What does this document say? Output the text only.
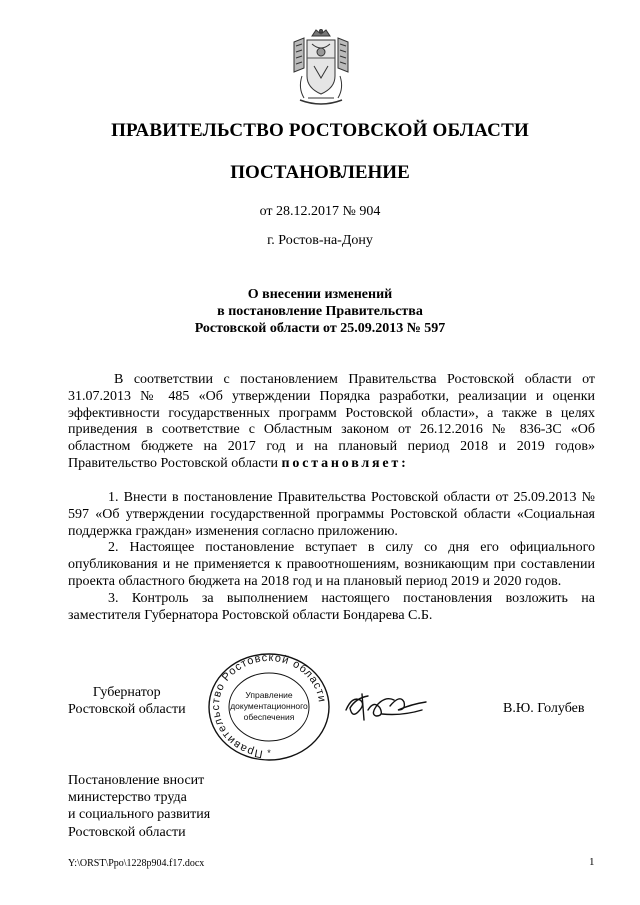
ПРАВИТЕЛЬСТВО РОСТОВСКОЙ ОБЛАСТИ
ПОСТАНОВЛЕНИЕ
от 28.12.2017 № 904
г. Ростов-на-Дону
О внесении изменений
в постановление Правительства
Ростовской области от 25.09.2013 № 597

В соответствии с постановлением Правительства Ростовской области от 31.07.2013 № 485 «Об утверждении Порядка разработки, реализации и оценки эффективности государственных программ Ростовской области», а также в целях приведения в соответствие с Областным законом от 26.12.2016 № 836-ЗС «Об областном бюджете на 2017 год и на плановый период 2018 и 2019 годов» Правительство Ростовской области постановляет:

1. Внести в постановление Правительства Ростовской области от 25.09.2013 № 597 «Об утверждении государственной программы Ростовской области «Социальная поддержка граждан» изменения согласно приложению.

2. Настоящее постановление вступает в силу со дня его официального опубликования и не применяется к правоотношениям, возникающим при составлении проекта областного бюджета на 2018 год и на плановый период 2019 и 2020 годов.

3. Контроль за выполнением настоящего постановления возложить на заместителя Губернатора Ростовской области Бондарева С.Б.

Губернатор
Ростовской области
Правительство Ростовской области
Управление
документационного
обеспечения
*
В.Ю. Голубев
Постановление вносит
министерство труда
и социального развития
Ростовской области
Y:\ORST\Ppo\1228p904.f17.docx	1
